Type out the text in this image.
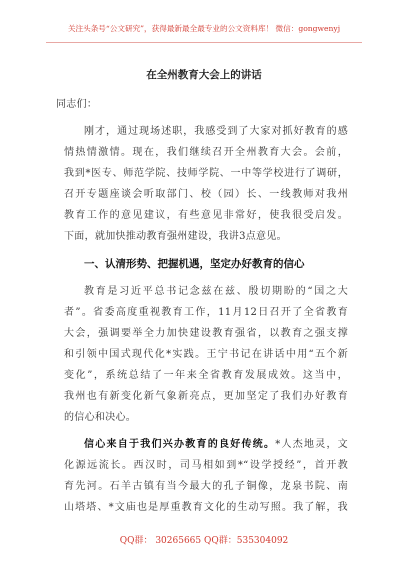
关注头条号“公文研究”，获得最新最全最专业的公文资料库！ 微信：gongwenyj
在全州教育大会上的讲话
同志们：
刚才，通过现场述职，我感受到了大家对抓好教育的感
情热情激情。现在，我们继续召开全州教育大会。会前，
我到*医专、师范学院、技师学院、一中等学校进行了调研，
召开专题座谈会听取部门、校（园）长、一线教师对我州
教育工作的意见建议，有些意见非常好，使我很受启发。
下面，就加快推动教育强州建设，我讲3点意见。
一、认清形势、把握机遇，坚定办好教育的信心
教育是习近平总书记念兹在兹、殷切期盼的“国之大
者”。省委高度重视教育工作，11月12日召开了全省教育
大会，强调要举全力加快建设教育强省，以教育之强支撑
和引领中国式现代化*实践。王宁书记在讲话中用“五个新
变化”，系统总结了一年来全省教育发展成效。这当中，
我州也有新变化新气象新亮点，更加坚定了我们办好教育
的信心和决心。
信心来自于我们兴办教育的良好传统。*人杰地灵，文
化源远流长。西汉时，司马相如到*“设学授经”，首开教
育先河。石羊古镇有当今最大的孔子铜像，龙泉书院、南
山塔塔、*文庙也是厚重教育文化的生动写照。我了解，我
QQ群： 30265665 QQ群：535304092
